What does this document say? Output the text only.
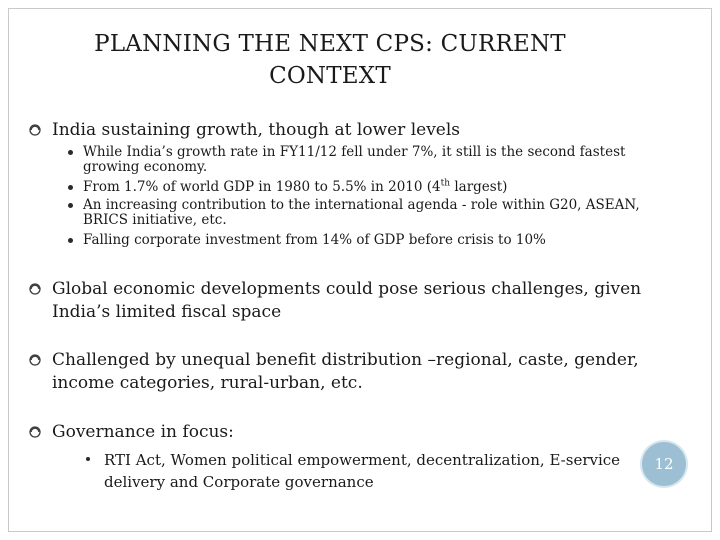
PLANNING THE NEXT CPS: CURRENT
CONTEXT
India sustaining growth, though at lower levels
While India’s growth rate in FY11/12 fell under 7%, it still is the second fastest growing economy.
From 1.7% of world GDP in 1980 to 5.5% in 2010 (4th largest)
An increasing contribution to the international agenda - role within G20, ASEAN, BRICS initiative, etc.
Falling corporate investment from 14% of GDP before crisis to 10%
Global economic developments could pose serious challenges, given India’s limited fiscal space
Challenged by unequal benefit distribution –regional, caste, gender, income categories, rural-urban, etc.
Governance in focus:
RTI Act, Women political empowerment, decentralization, E-service delivery and Corporate governance
12
